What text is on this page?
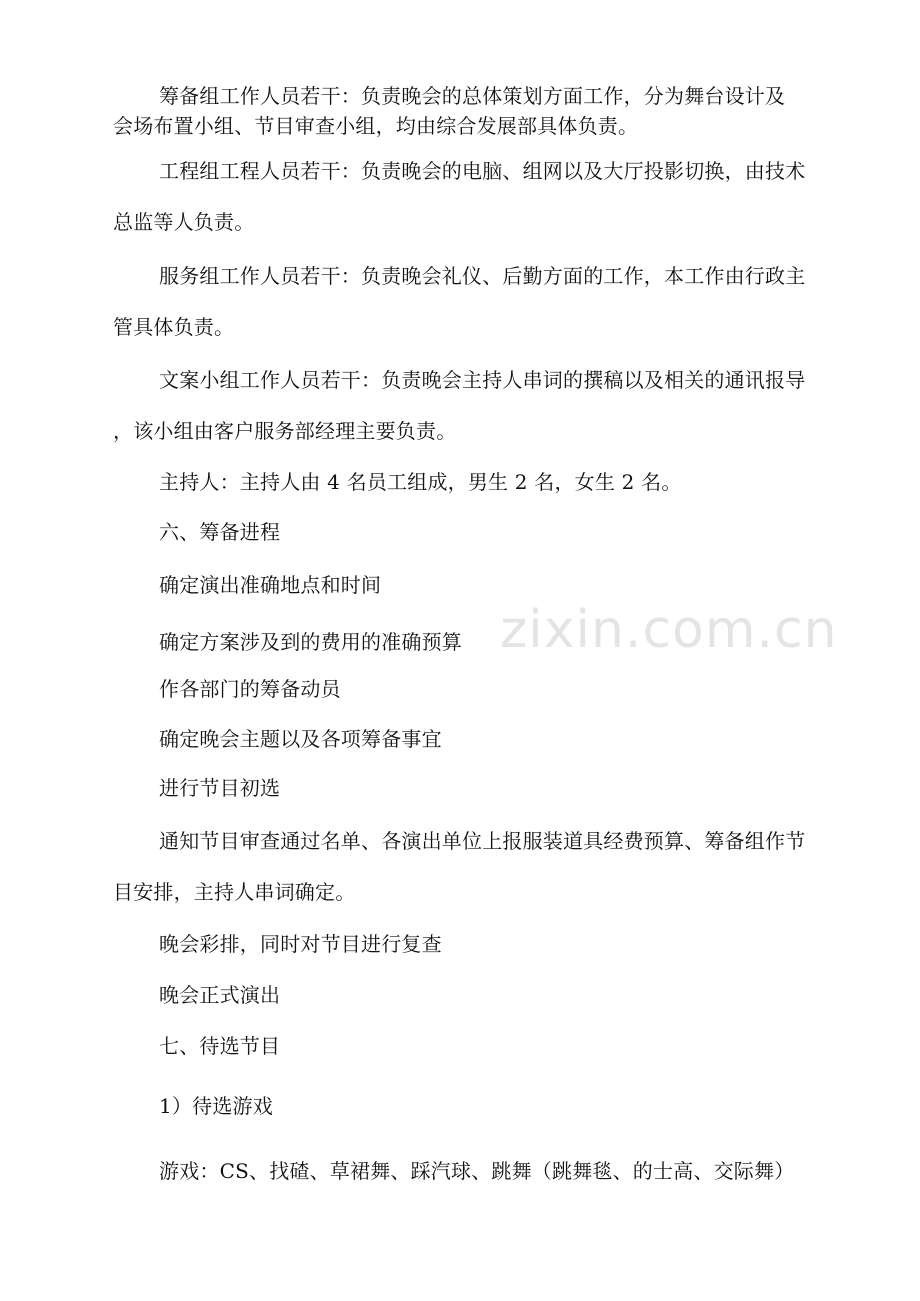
筹备组工作人员若干：负责晚会的总体策划方面工作，分为舞台设计及
会场布置小组、节目审查小组，均由综合发展部具体负责。
工程组工程人员若干：负责晚会的电脑、组网以及大厅投影切换，由技术
总监等人负责。
服务组工作人员若干：负责晚会礼仪、后勤方面的工作，本工作由行政主
管具体负责。
文案小组工作人员若干：负责晚会主持人串词的撰稿以及相关的通讯报导
，该小组由客户服务部经理主要负责。
主持人：主持人由 4 名员工组成，男生 2 名，女生 2 名。
六、筹备进程
确定演出准确地点和时间
确定方案涉及到的费用的准确预算
作各部门的筹备动员
确定晚会主题以及各项筹备事宜
进行节目初选
通知节目审查通过名单、各演出单位上报服装道具经费预算、筹备组作节
目安排，主持人串词确定。
晚会彩排，同时对节目进行复查
晚会正式演出
七、待选节目
1）待选游戏
游戏：CS、找碴、草裙舞、踩汽球、跳舞（跳舞毯、的士高、交际舞）
zixin.com.cn
